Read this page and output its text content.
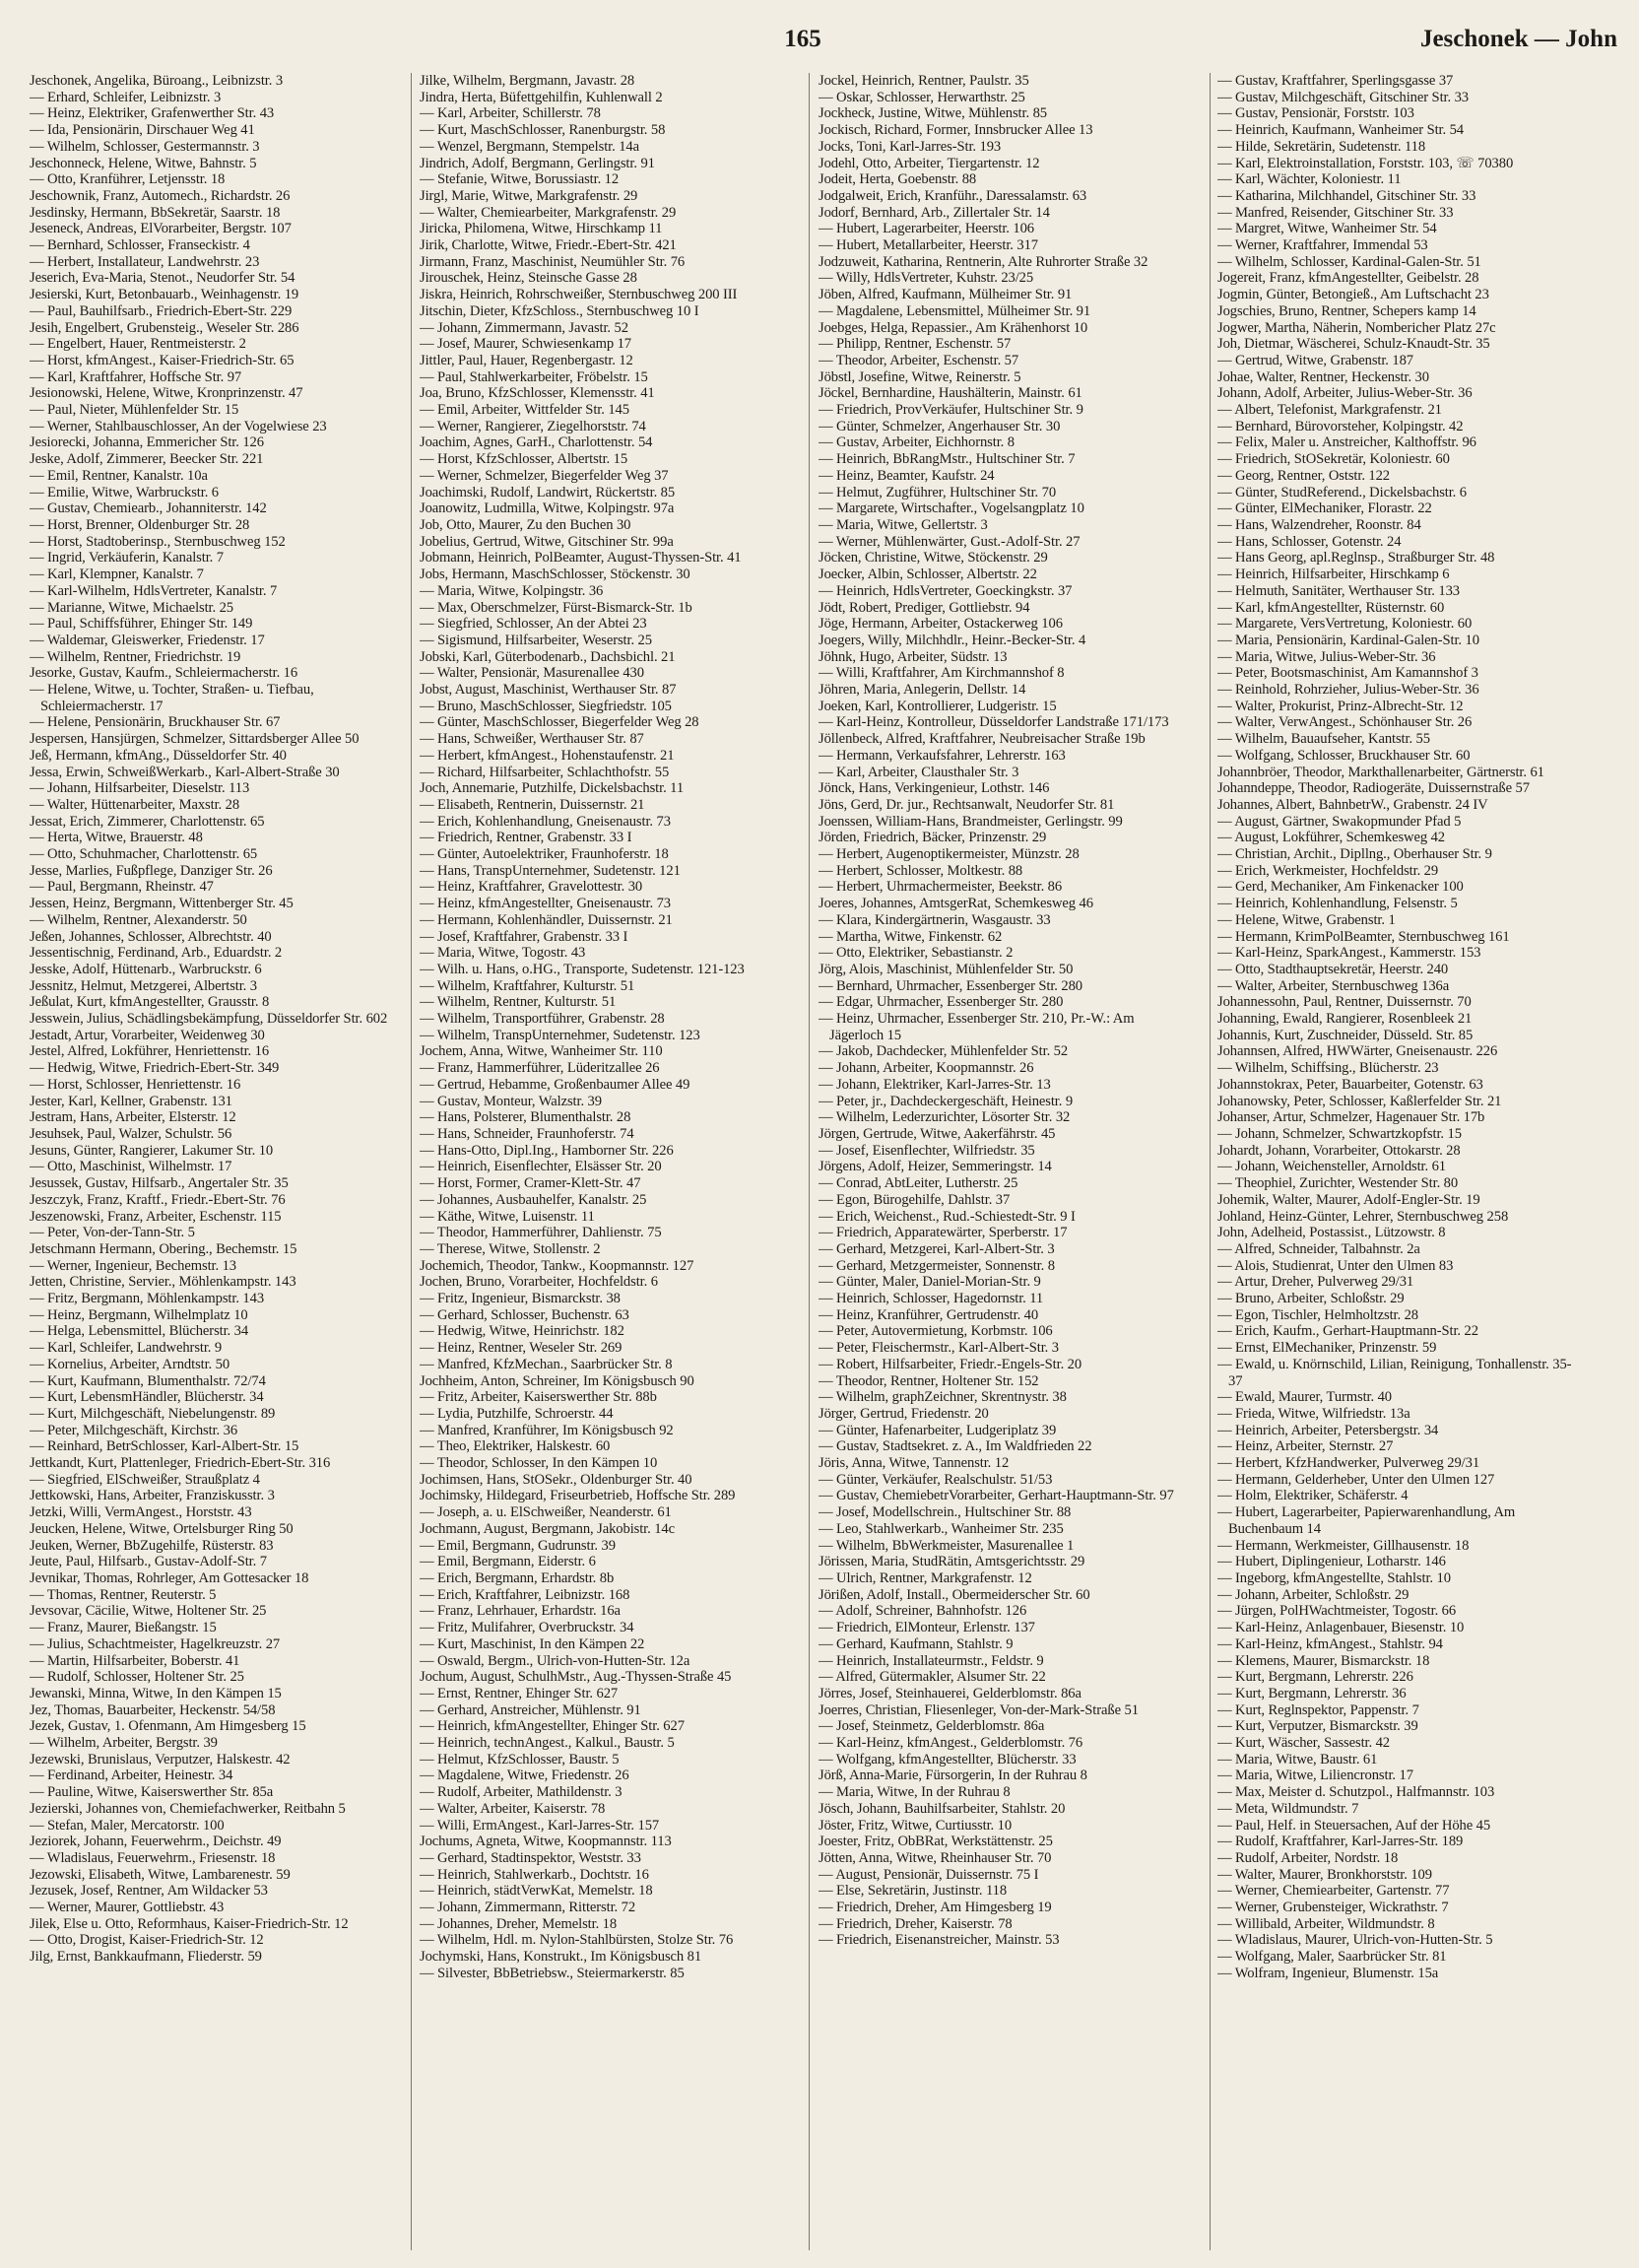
165	Jeschonek — John

Jeschonek, Angelika, Büroang., Leibnizstr. 3

— Erhard, Schleifer, Leibnizstr. 3

— Heinz, Elektriker, Grafenwerther Str. 43

— Ida, Pensionärin, Dirschauer Weg 41

— Wilhelm, Schlosser, Gestermannstr. 3

Jeschonneck, Helene, Witwe, Bahnstr. 5

— Otto, Kranführer, Letjensstr. 18

Jeschownik, Franz, Automech., Richardstr. 26

Jesdinsky, Hermann, BbSekretär, Saarstr. 18

Jeseneck, Andreas, ElVorarbeiter, Bergstr. 107

— Bernhard, Schlosser, Franseckistr. 4

— Herbert, Installateur, Landwehrstr. 23

Jeserich, Eva-Maria, Stenot., Neudorfer Str. 54

Jesierski, Kurt, Betonbauarb., Weinhagenstr. 19

— Paul, Bauhilfsarb., Friedrich-Ebert-Str. 229

Jesih, Engelbert, Grubensteig., Weseler Str. 286

— Engelbert, Hauer, Rentmeisterstr. 2

— Horst, kfmAngest., Kaiser-Friedrich-Str. 65

— Karl, Kraftfahrer, Hoffsche Str. 97

Jesionowski, Helene, Witwe, Kronprinzenstr. 47

— Paul, Nieter, Mühlenfelder Str. 15

— Werner, Stahlbauschlosser, An der Vogelwiese 23

Jesiorecki, Johanna, Emmericher Str. 126

Jeske, Adolf, Zimmerer, Beecker Str. 221

— Emil, Rentner, Kanalstr. 10a

— Emilie, Witwe, Warbruckstr. 6

— Gustav, Chemiearb., Johanniterstr. 142

— Horst, Brenner, Oldenburger Str. 28

— Horst, Stadtoberinsp., Sternbuschweg 152

— Ingrid, Verkäuferin, Kanalstr. 7

— Karl, Klempner, Kanalstr. 7

— Karl-Wilhelm, HdlsVertreter, Kanalstr. 7

— Marianne, Witwe, Michaelstr. 25

— Paul, Schiffsführer, Ehinger Str. 149

— Waldemar, Gleiswerker, Friedenstr. 17

— Wilhelm, Rentner, Friedrichstr. 19

Jesorke, Gustav, Kaufm., Schleiermacherstr. 16

— Helene, Witwe, u. Tochter, Straßen- u. Tiefbau, Schleiermacherstr. 17

— Helene, Pensionärin, Bruckhauser Str. 67

Jespersen, Hansjürgen, Schmelzer, Sittardsberger Allee 50

Jeß, Hermann, kfmAng., Düsseldorfer Str. 40

Jessa, Erwin, SchweißWerkarb., Karl-Albert-Straße 30

— Johann, Hilfsarbeiter, Dieselstr. 113

— Walter, Hüttenarbeiter, Maxstr. 28

Jessat, Erich, Zimmerer, Charlottenstr. 65

— Herta, Witwe, Brauerstr. 48

— Otto, Schuhmacher, Charlottenstr. 65

Jesse, Marlies, Fußpflege, Danziger Str. 26

— Paul, Bergmann, Rheinstr. 47

Jessen, Heinz, Bergmann, Wittenberger Str. 45

— Wilhelm, Rentner, Alexanderstr. 50

Jeßen, Johannes, Schlosser, Albrechtstr. 40

Jessentischnig, Ferdinand, Arb., Eduardstr. 2

Jesske, Adolf, Hüttenarb., Warbruckstr. 6

Jessnitz, Helmut, Metzgerei, Albertstr. 3

Jeßulat, Kurt, kfmAngestellter, Grausstr. 8

Jesswein, Julius, Schädlingsbekämpfung, Düsseldorfer Str. 602

Jestadt, Artur, Vorarbeiter, Weidenweg 30

Jestel, Alfred, Lokführer, Henriettenstr. 16

— Hedwig, Witwe, Friedrich-Ebert-Str. 349

— Horst, Schlosser, Henriettenstr. 16

Jester, Karl, Kellner, Grabenstr. 131

Jestram, Hans, Arbeiter, Elsterstr. 12

Jesuhsek, Paul, Walzer, Schulstr. 56

Jesuns, Günter, Rangierer, Lakumer Str. 10

— Otto, Maschinist, Wilhelmstr. 17

Jesussek, Gustav, Hilfsarb., Angertaler Str. 35

Jeszczyk, Franz, Kraftf., Friedr.-Ebert-Str. 76

Jeszenowski, Franz, Arbeiter, Eschenstr. 115

— Peter, Von-der-Tann-Str. 5

Jetschmann Hermann, Obering., Bechemstr. 15

— Werner, Ingenieur, Bechemstr. 13

Jetten, Christine, Servier., Möhlenkampstr. 143

— Fritz, Bergmann, Möhlenkampstr. 143

— Heinz, Bergmann, Wilhelmplatz 10

— Helga, Lebensmittel, Blücherstr. 34

— Karl, Schleifer, Landwehrstr. 9

— Kornelius, Arbeiter, Arndtstr. 50

— Kurt, Kaufmann, Blumenthalstr. 72/74

— Kurt, LebensmHändler, Blücherstr. 34

— Kurt, Milchgeschäft, Niebelungenstr. 89

— Peter, Milchgeschäft, Kirchstr. 36

— Reinhard, BetrSchlosser, Karl-Albert-Str. 15

Jettkandt, Kurt, Plattenleger, Friedrich-Ebert-Str. 316

— Siegfried, ElSchweißer, Straußplatz 4

Jettkowski, Hans, Arbeiter, Franziskusstr. 3

Jetzki, Willi, VermAngest., Horststr. 43

Jeucken, Helene, Witwe, Ortelsburger Ring 50

Jeuken, Werner, BbZugehilfe, Rüsterstr. 83

Jeute, Paul, Hilfsarb., Gustav-Adolf-Str. 7

Jevnikar, Thomas, Rohrleger, Am Gottesacker 18

— Thomas, Rentner, Reuterstr. 5

Jevsovar, Cäcilie, Witwe, Holtener Str. 25

— Franz, Maurer, Bießangstr. 15

— Julius, Schachtmeister, Hagelkreuzstr. 27

— Martin, Hilfsarbeiter, Boberstr. 41

— Rudolf, Schlosser, Holtener Str. 25

Jewanski, Minna, Witwe, In den Kämpen 15

Jez, Thomas, Bauarbeiter, Heckenstr. 54/58

Jezek, Gustav, 1. Ofenmann, Am Himgesberg 15

— Wilhelm, Arbeiter, Bergstr. 39

Jezewski, Brunislaus, Verputzer, Halskestr. 42

— Ferdinand, Arbeiter, Heinestr. 34

— Pauline, Witwe, Kaiserswerther Str. 85a

Jezierski, Johannes von, Chemiefachwerker, Reitbahn 5

— Stefan, Maler, Mercatorstr. 100

Jeziorek, Johann, Feuerwehrm., Deichstr. 49

— Wladislaus, Feuerwehrm., Friesenstr. 18

Jezowski, Elisabeth, Witwe, Lambarenestr. 59

Jezusek, Josef, Rentner, Am Wildacker 53

— Werner, Maurer, Gottliebstr. 43

Jilek, Else u. Otto, Reformhaus, Kaiser-Friedrich-Str. 12

— Otto, Drogist, Kaiser-Friedrich-Str. 12

Jilg, Ernst, Bankkaufmann, Fliederstr. 59

Jilke, Wilhelm, Bergmann, Javastr. 28

Jindra, Herta, Büfettgehilfin, Kuhlenwall 2

— Karl, Arbeiter, Schillerstr. 78

— Kurt, MaschSchlosser, Ranenburgstr. 58

— Wenzel, Bergmann, Stempelstr. 14a

Jindrich, Adolf, Bergmann, Gerlingstr. 91

— Stefanie, Witwe, Borussiastr. 12

Jirgl, Marie, Witwe, Markgrafenstr. 29

— Walter, Chemiearbeiter, Markgrafenstr. 29

Jiricka, Philomena, Witwe, Hirschkamp 11

Jirik, Charlotte, Witwe, Friedr.-Ebert-Str. 421

Jirmann, Franz, Maschinist, Neumühler Str. 76

Jirouschek, Heinz, Steinsche Gasse 28

Jiskra, Heinrich, Rohrschweißer, Sternbuschweg 200 III

Jitschin, Dieter, KfzSchloss., Sternbuschweg 10 I

— Johann, Zimmermann, Javastr. 52

— Josef, Maurer, Schwiesenkamp 17

Jittler, Paul, Hauer, Regenbergastr. 12

— Paul, Stahlwerkarbeiter, Fröbelstr. 15

Joa, Bruno, KfzSchlosser, Klemensstr. 41

— Emil, Arbeiter, Wittfelder Str. 145

— Werner, Rangierer, Ziegelhorststr. 74

Joachim, Agnes, GarH., Charlottenstr. 54

— Horst, KfzSchlosser, Albertstr. 15

— Werner, Schmelzer, Biegerfelder Weg 37

Joachimski, Rudolf, Landwirt, Rückertstr. 85

Joanowitz, Ludmilla, Witwe, Kolpingstr. 97a

Job, Otto, Maurer, Zu den Buchen 30

Jobelius, Gertrud, Witwe, Gitschiner Str. 99a

Jobmann, Heinrich, PolBeamter, August-Thyssen-Str. 41

Jobs, Hermann, MaschSchlosser, Stöckenstr. 30

— Maria, Witwe, Kolpingstr. 36

— Max, Oberschmelzer, Fürst-Bismarck-Str. 1b

— Siegfried, Schlosser, An der Abtei 23

— Sigismund, Hilfsarbeiter, Weserstr. 25

Jobski, Karl, Güterbodenarb., Dachsbichl. 21

— Walter, Pensionär, Masurenallee 430

Jobst, August, Maschinist, Werthauser Str. 87

— Bruno, MaschSchlosser, Siegfriedstr. 105

— Günter, MaschSchlosser, Biegerfelder Weg 28

— Hans, Schweißer, Werthauser Str. 87

— Herbert, kfmAngest., Hohenstaufenstr. 21

— Richard, Hilfsarbeiter, Schlachthofstr. 55

Joch, Annemarie, Putzhilfe, Dickelsbachstr. 11

— Elisabeth, Rentnerin, Duissernstr. 21

— Erich, Kohlenhandlung, Gneisenaustr. 73

— Friedrich, Rentner, Grabenstr. 33 I

— Günter, Autoelektriker, Fraunhoferstr. 18

— Hans, TranspUnternehmer, Sudetenstr. 121

— Heinz, Kraftfahrer, Gravelottestr. 30

— Heinz, kfmAngestellter, Gneisenaustr. 73

— Hermann, Kohlenhändler, Duissernstr. 21

— Josef, Kraftfahrer, Grabenstr. 33 I

— Maria, Witwe, Togostr. 43

— Wilh. u. Hans, o.HG., Transporte, Sudetenstr. 121-123

— Wilhelm, Kraftfahrer, Kulturstr. 51

— Wilhelm, Rentner, Kulturstr. 51

— Wilhelm, Transportführer, Grabenstr. 28

— Wilhelm, TranspUnternehmer, Sudetenstr. 123

Jochem, Anna, Witwe, Wanheimer Str. 110

— Franz, Hammerführer, Lüderitzallee 26

— Gertrud, Hebamme, Großenbaumer Allee 49

— Gustav, Monteur, Walzstr. 39

— Hans, Polsterer, Blumenthalstr. 28

— Hans, Schneider, Fraunhoferstr. 74

— Hans-Otto, Dipl.Ing., Hamborner Str. 226

— Heinrich, Eisenflechter, Elsässer Str. 20

— Horst, Former, Cramer-Klett-Str. 47

— Johannes, Ausbauhelfer, Kanalstr. 25

— Käthe, Witwe, Luisenstr. 11

— Theodor, Hammerführer, Dahlienstr. 75

— Therese, Witwe, Stollenstr. 2

Jochemich, Theodor, Tankw., Koopmannstr. 127

Jochen, Bruno, Vorarbeiter, Hochfeldstr. 6

— Fritz, Ingenieur, Bismarckstr. 38

— Gerhard, Schlosser, Buchenstr. 63

— Hedwig, Witwe, Heinrichstr. 182

— Heinz, Rentner, Weseler Str. 269

— Manfred, KfzMechan., Saarbrücker Str. 8

Jochheim, Anton, Schreiner, Im Königsbusch 90

— Fritz, Arbeiter, Kaiserswerther Str. 88b

— Lydia, Putzhilfe, Schroerstr. 44

— Manfred, Kranführer, Im Königsbusch 92

— Theo, Elektriker, Halskestr. 60

— Theodor, Schlosser, In den Kämpen 10

Jochimsen, Hans, StOSekr., Oldenburger Str. 40

Jochimsky, Hildegard, Friseurbetrieb, Hoffsche Str. 289

— Joseph, a. u. ElSchweißer, Neanderstr. 61

Jochmann, August, Bergmann, Jakobistr. 14c

— Emil, Bergmann, Gudrunstr. 39

— Emil, Bergmann, Eiderstr. 6

— Erich, Bergmann, Erhardstr. 8b

— Erich, Kraftfahrer, Leibnizstr. 168

— Franz, Lehrhauer, Erhardstr. 16a

— Fritz, Mulifahrer, Overbruckstr. 34

— Kurt, Maschinist, In den Kämpen 22

— Oswald, Bergm., Ulrich-von-Hutten-Str. 12a

Jochum, August, SchulhMstr., Aug.-Thyssen-Straße 45

— Ernst, Rentner, Ehinger Str. 627

— Gerhard, Anstreicher, Mühlenstr. 91

— Heinrich, kfmAngestellter, Ehinger Str. 627

— Heinrich, technAngest., Kalkul., Baustr. 5

— Helmut, KfzSchlosser, Baustr. 5

— Magdalene, Witwe, Friedenstr. 26

— Rudolf, Arbeiter, Mathildenstr. 3

— Walter, Arbeiter, Kaiserstr. 78

— Willi, ErmAngest., Karl-Jarres-Str. 157

Jochums, Agneta, Witwe, Koopmannstr. 113

— Gerhard, Stadtinspektor, Weststr. 33

— Heinrich, Stahlwerkarb., Dochtstr. 16

— Heinrich, städtVerwKat, Memelstr. 18

— Johann, Zimmermann, Ritterstr. 72

— Johannes, Dreher, Memelstr. 18

— Wilhelm, Hdl. m. Nylon-Stahlbürsten, Stolze Str. 76

Jochymski, Hans, Konstrukt., Im Königsbusch 81

— Silvester, BbBetriebsw., Steiermarkerstr. 85

Jockel, Heinrich, Rentner, Paulstr. 35

— Oskar, Schlosser, Herwarthstr. 25

Jockheck, Justine, Witwe, Mühlenstr. 85

Jockisch, Richard, Former, Innsbrucker Allee 13

Jocks, Toni, Karl-Jarres-Str. 193

Jodehl, Otto, Arbeiter, Tiergartenstr. 12

Jodeit, Herta, Goebenstr. 88

Jodgalweit, Erich, Kranführ., Daressalamstr. 63

Jodorf, Bernhard, Arb., Zillertaler Str. 14

— Hubert, Lagerarbeiter, Heerstr. 106

— Hubert, Metallarbeiter, Heerstr. 317

Jodzuweit, Katharina, Rentnerin, Alte Ruhrorter Straße 32

— Willy, HdlsVertreter, Kuhstr. 23/25

Jöben, Alfred, Kaufmann, Mülheimer Str. 91

— Magdalene, Lebensmittel, Mülheimer Str. 91

Joebges, Helga, Repassier., Am Krähenhorst 10

— Philipp, Rentner, Eschenstr. 57

— Theodor, Arbeiter, Eschenstr. 57

Jöbstl, Josefine, Witwe, Reinerstr. 5

Jöckel, Bernhardine, Haushälterin, Mainstr. 61

— Friedrich, ProvVerkäufer, Hultschiner Str. 9

— Günter, Schmelzer, Angerhauser Str. 30

— Gustav, Arbeiter, Eichhornstr. 8

— Heinrich, BbRangMstr., Hultschiner Str. 7

— Heinz, Beamter, Kaufstr. 24

— Helmut, Zugführer, Hultschiner Str. 70

— Margarete, Wirtschafter., Vogelsangplatz 10

— Maria, Witwe, Gellertstr. 3

— Werner, Mühlenwärter, Gust.-Adolf-Str. 27

Jöcken, Christine, Witwe, Stöckenstr. 29

Joecker, Albin, Schlosser, Albertstr. 22

— Heinrich, HdlsVertreter, Goeckingkstr. 37

Jödt, Robert, Prediger, Gottliebstr. 94

Jöge, Hermann, Arbeiter, Ostackerweg 106

Joegers, Willy, Milchhdlr., Heinr.-Becker-Str. 4

Jöhnk, Hugo, Arbeiter, Südstr. 13

— Willi, Kraftfahrer, Am Kirchmannshof 8

Jöhren, Maria, Anlegerin, Dellstr. 14

Joeken, Karl, Kontrollierer, Ludgeristr. 15

— Karl-Heinz, Kontrolleur, Düsseldorfer Landstraße 171/173

Jöllenbeck, Alfred, Kraftfahrer, Neubreisacher Straße 19b

— Hermann, Verkaufsfahrer, Lehrerstr. 163

— Karl, Arbeiter, Clausthaler Str. 3

Jönck, Hans, Verkingenieur, Lothstr. 146

Jöns, Gerd, Dr. jur., Rechtsanwalt, Neudorfer Str. 81

Joenssen, William-Hans, Brandmeister, Gerlingstr. 99

Jörden, Friedrich, Bäcker, Prinzenstr. 29

— Herbert, Augenoptikermeister, Münzstr. 28

— Herbert, Schlosser, Moltkestr. 88

— Herbert, Uhrmachermeister, Beekstr. 86

Joeres, Johannes, AmtsgerRat, Schemkesweg 46

— Klara, Kindergärtnerin, Wasgaustr. 33

— Martha, Witwe, Finkenstr. 62

— Otto, Elektriker, Sebastianstr. 2

Jörg, Alois, Maschinist, Mühlenfelder Str. 50

— Bernhard, Uhrmacher, Essenberger Str. 280

— Edgar, Uhrmacher, Essenberger Str. 280

— Heinz, Uhrmacher, Essenberger Str. 210, Pr.-W.: Am Jägerloch 15

— Jakob, Dachdecker, Mühlenfelder Str. 52

— Johann, Arbeiter, Koopmannstr. 26

— Johann, Elektriker, Karl-Jarres-Str. 13

— Peter, jr., Dachdeckergeschäft, Heinestr. 9

— Wilhelm, Lederzurichter, Lösorter Str. 32

Jörgen, Gertrude, Witwe, Aakerfährstr. 45

— Josef, Eisenflechter, Wilfriedstr. 35

Jörgens, Adolf, Heizer, Semmeringstr. 14

— Conrad, AbtLeiter, Lutherstr. 25

— Egon, Bürogehilfe, Dahlstr. 37

— Erich, Weichenst., Rud.-Schiestedt-Str. 9 I

— Friedrich, Apparatewärter, Sperberstr. 17

— Gerhard, Metzgerei, Karl-Albert-Str. 3

— Gerhard, Metzgermeister, Sonnenstr. 8

— Günter, Maler, Daniel-Morian-Str. 9

— Heinrich, Schlosser, Hagedornstr. 11

— Heinz, Kranführer, Gertrudenstr. 40

— Peter, Autovermietung, Korbmstr. 106

— Peter, Fleischermstr., Karl-Albert-Str. 3

— Robert, Hilfsarbeiter, Friedr.-Engels-Str. 20

— Theodor, Rentner, Holtener Str. 152

— Wilhelm, graphZeichner, Skrentnystr. 38

Jörger, Gertrud, Friedenstr. 20

— Günter, Hafenarbeiter, Ludgeriplatz 39

— Gustav, Stadtsekret. z. A., Im Waldfrieden 22

Jöris, Anna, Witwe, Tannenstr. 12

— Günter, Verkäufer, Realschulstr. 51/53

— Gustav, ChemiebetrVorarbeiter, Gerhart-Hauptmann-Str. 97

— Josef, Modellschrein., Hultschiner Str. 88

— Leo, Stahlwerkarb., Wanheimer Str. 235

— Wilhelm, BbWerkmeister, Masurenallee 1

Jörissen, Maria, StudRätin, Amtsgerichtsstr. 29

— Ulrich, Rentner, Markgrafenstr. 12

Jörißen, Adolf, Install., Obermeiderscher Str. 60

— Adolf, Schreiner, Bahnhofstr. 126

— Friedrich, ElMonteur, Erlenstr. 137

— Gerhard, Kaufmann, Stahlstr. 9

— Heinrich, Installateurmstr., Feldstr. 9

— Alfred, Gütermakler, Alsumer Str. 22

Jörres, Josef, Steinhauerei, Gelderblomstr. 86a

Joerres, Christian, Fliesenleger, Von-der-Mark-Straße 51

— Josef, Steinmetz, Gelderblomstr. 86a

— Karl-Heinz, kfmAngest., Gelderblomstr. 76

— Wolfgang, kfmAngestellter, Blücherstr. 33

Jörß, Anna-Marie, Fürsorgerin, In der Ruhrau 8

— Maria, Witwe, In der Ruhrau 8

Jösch, Johann, Bauhilfsarbeiter, Stahlstr. 20

Jöster, Fritz, Witwe, Curtiusstr. 10

Joester, Fritz, ObBRat, Werkstättenstr. 25

Jötten, Anna, Witwe, Rheinhauser Str. 70

— August, Pensionär, Duissernstr. 75 I

— Else, Sekretärin, Justinstr. 118

— Friedrich, Dreher, Am Himgesberg 19

— Friedrich, Dreher, Kaiserstr. 78

— Friedrich, Eisenanstreicher, Mainstr. 53

— Gustav, Kraftfahrer, Sperlingsgasse 37

— Gustav, Milchgeschäft, Gitschiner Str. 33

— Gustav, Pensionär, Forststr. 103

— Heinrich, Kaufmann, Wanheimer Str. 54

— Hilde, Sekretärin, Sudetenstr. 118

— Karl, Elektroinstallation, Forststr. 103, ☏ 70380

— Karl, Wächter, Koloniestr. 11

— Katharina, Milchhandel, Gitschiner Str. 33

— Manfred, Reisender, Gitschiner Str. 33

— Margret, Witwe, Wanheimer Str. 54

— Werner, Kraftfahrer, Immendal 53

— Wilhelm, Schlosser, Kardinal-Galen-Str. 51

Jogereit, Franz, kfmAngestellter, Geibelstr. 28

Jogmin, Günter, Betongieß., Am Luftschacht 23

Jogschies, Bruno, Rentner, Schepers kamp 14

Jogwer, Martha, Näherin, Nombericher Platz 27c

Joh, Dietmar, Wäscherei, Schulz-Knaudt-Str. 35

— Gertrud, Witwe, Grabenstr. 187

Johae, Walter, Rentner, Heckenstr. 30

Johann, Adolf, Arbeiter, Julius-Weber-Str. 36

— Albert, Telefonist, Markgrafenstr. 21

— Bernhard, Bürovorsteher, Kolpingstr. 42

— Felix, Maler u. Anstreicher, Kalthoffstr. 96

— Friedrich, StOSekretär, Koloniestr. 60

— Georg, Rentner, Oststr. 122

— Günter, StudReferend., Dickelsbachstr. 6

— Günter, ElMechaniker, Florastr. 22

— Hans, Walzendreher, Roonstr. 84

— Hans, Schlosser, Gotenstr. 24

— Hans Georg, apl.Reglnsp., Straßburger Str. 48

— Heinrich, Hilfsarbeiter, Hirschkamp 6

— Helmuth, Sanitäter, Werthauser Str. 133

— Karl, kfmAngestellter, Rüsternstr. 60

— Margarete, VersVertretung, Koloniestr. 60

— Maria, Pensionärin, Kardinal-Galen-Str. 10

— Maria, Witwe, Julius-Weber-Str. 36

— Peter, Bootsmaschinist, Am Kamannshof 3

— Reinhold, Rohrzieher, Julius-Weber-Str. 36

— Walter, Prokurist, Prinz-Albrecht-Str. 12

— Walter, VerwAngest., Schönhauser Str. 26

— Wilhelm, Bauaufseher, Kantstr. 55

— Wolfgang, Schlosser, Bruckhauser Str. 60

Johannbröer, Theodor, Markthallenarbeiter, Gärtnerstr. 61

Johanndeppe, Theodor, Radiogeräte, Duissernstraße 57

Johannes, Albert, BahnbetrW., Grabenstr. 24 IV

— August, Gärtner, Swakopmunder Pfad 5

— August, Lokführer, Schemkesweg 42

— Christian, Archit., Dipllng., Oberhauser Str. 9

— Erich, Werkmeister, Hochfeldstr. 29

— Gerd, Mechaniker, Am Finkenacker 100

— Heinrich, Kohlenhandlung, Felsenstr. 5

— Helene, Witwe, Grabenstr. 1

— Hermann, KrimPolBeamter, Sternbuschweg 161

— Karl-Heinz, SparkAngest., Kammerstr. 153

— Otto, Stadthauptsekretär, Heerstr. 240

— Walter, Arbeiter, Sternbuschweg 136a

Johannessohn, Paul, Rentner, Duissernstr. 70

Johanning, Ewald, Rangierer, Rosenbleek 21

Johannis, Kurt, Zuschneider, Düsseld. Str. 85

Johannsen, Alfred, HWWärter, Gneisenaustr. 226

— Wilhelm, Schiffsing., Blücherstr. 23

Johannstokrax, Peter, Bauarbeiter, Gotenstr. 63

Johanowsky, Peter, Schlosser, Kaßlerfelder Str. 21

Johanser, Artur, Schmelzer, Hagenauer Str. 17b

— Johann, Schmelzer, Schwartzkopfstr. 15

Johardt, Johann, Vorarbeiter, Ottokarstr. 28

— Johann, Weichensteller, Arnoldstr. 61

— Theophiel, Zurichter, Westender Str. 80

Johemik, Walter, Maurer, Adolf-Engler-Str. 19

Johland, Heinz-Günter, Lehrer, Sternbuschweg 258

John, Adelheid, Postassist., Lützowstr. 8

— Alfred, Schneider, Talbahnstr. 2a

— Alois, Studienrat, Unter den Ulmen 83

— Artur, Dreher, Pulverweg 29/31

— Bruno, Arbeiter, Schloßstr. 29

— Egon, Tischler, Helmholtzstr. 28

— Erich, Kaufm., Gerhart-Hauptmann-Str. 22

— Ernst, ElMechaniker, Prinzenstr. 59

— Ewald, u. Knörnschild, Lilian, Reinigung, Tonhallenstr. 35-37

— Ewald, Maurer, Turmstr. 40

— Frieda, Witwe, Wilfriedstr. 13a

— Heinrich, Arbeiter, Petersbergstr. 34

— Heinz, Arbeiter, Sternstr. 27

— Herbert, KfzHandwerker, Pulverweg 29/31

— Hermann, Gelderheber, Unter den Ulmen 127

— Holm, Elektriker, Schäferstr. 4

— Hubert, Lagerarbeiter, Papierwarenhandlung, Am Buchenbaum 14

— Hermann, Werkmeister, Gillhausenstr. 18

— Hubert, Diplingenieur, Lotharstr. 146

— Ingeborg, kfmAngestellte, Stahlstr. 10

— Johann, Arbeiter, Schloßstr. 29

— Jürgen, PolHWachtmeister, Togostr. 66

— Karl-Heinz, Anlagenbauer, Biesenstr. 10

— Karl-Heinz, kfmAngest., Stahlstr. 94

— Klemens, Maurer, Bismarckstr. 18

— Kurt, Bergmann, Lehrerstr. 226

— Kurt, Bergmann, Lehrerstr. 36

— Kurt, Reglnspektor, Pappenstr. 7

— Kurt, Verputzer, Bismarckstr. 39

— Kurt, Wäscher, Sassestr. 42

— Maria, Witwe, Baustr. 61

— Maria, Witwe, Liliencronstr. 17

— Max, Meister d. Schutzpol., Halfmannstr. 103

— Meta, Wildmundstr. 7

— Paul, Helf. in Steuersachen, Auf der Höhe 45

— Rudolf, Kraftfahrer, Karl-Jarres-Str. 189

— Rudolf, Arbeiter, Nordstr. 18

— Walter, Maurer, Bronkhorststr. 109

— Werner, Chemiearbeiter, Gartenstr. 77

— Werner, Grubensteiger, Wickrathstr. 7

— Willibald, Arbeiter, Wildmundstr. 8

— Wladislaus, Maurer, Ulrich-von-Hutten-Str. 5

— Wolfgang, Maler, Saarbrücker Str. 81

— Wolfram, Ingenieur, Blumenstr. 15a
